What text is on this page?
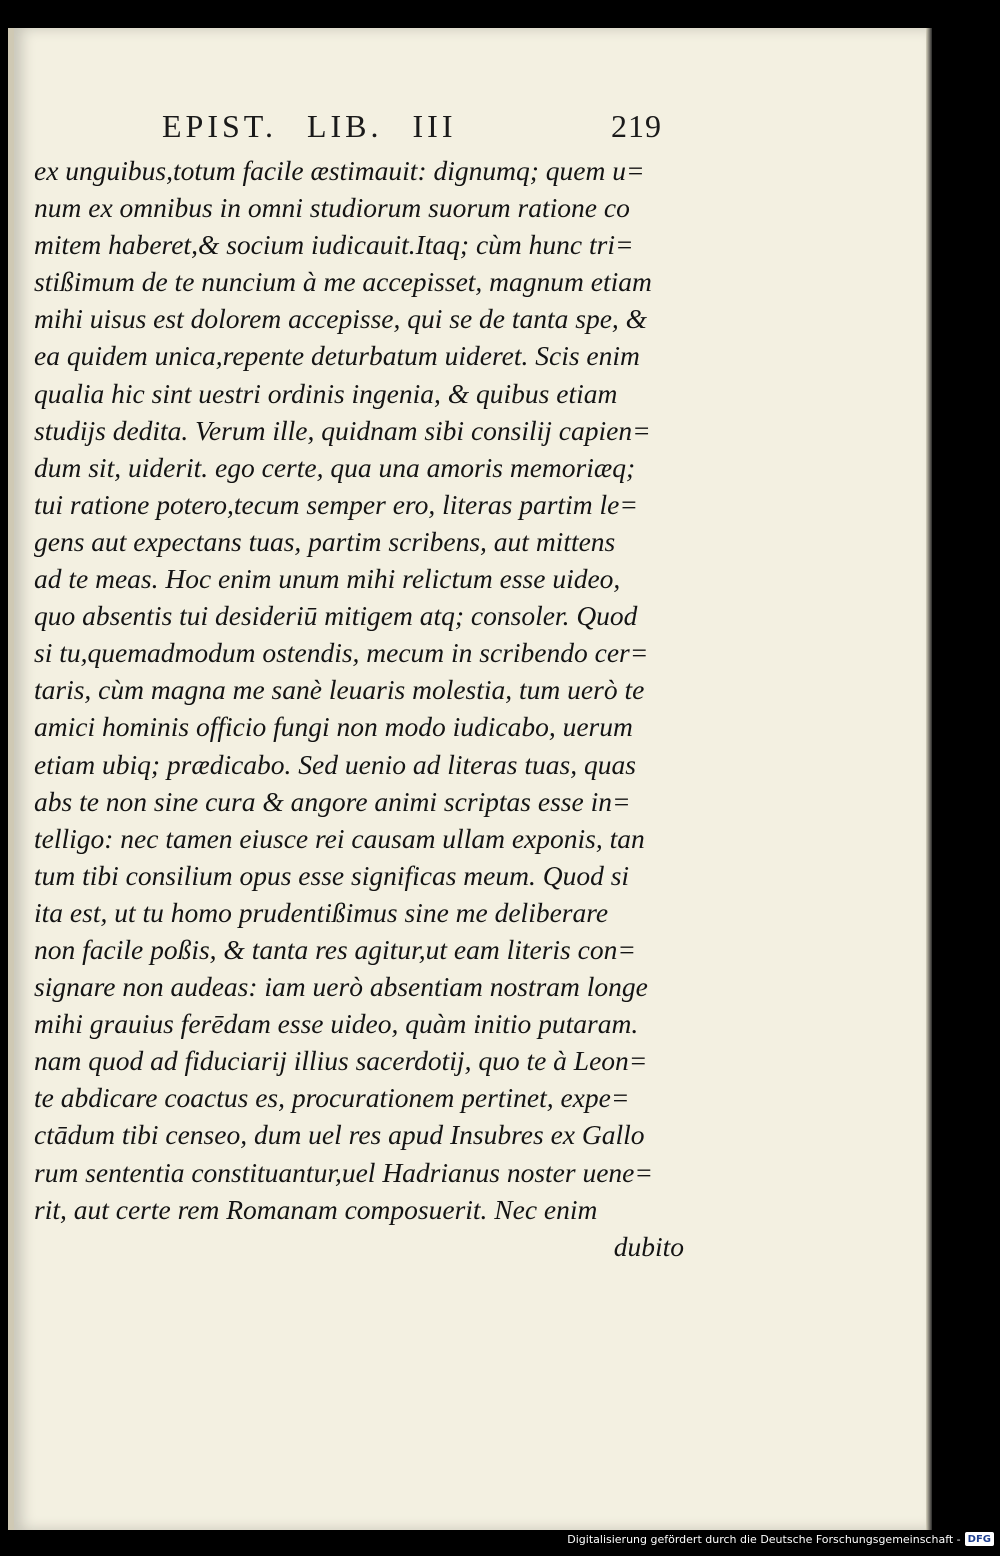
EPIST. LIB. III	219
ex unguibus,totum facile æstimauit: dignumq; quem u=
num ex omnibus in omni studiorum suorum ratione co
mitem haberet,& socium iudicauit.Itaq; cùm hunc tri=
stißimum de te nuncium à me accepisset, magnum etiam
mihi uisus est dolorem accepisse, qui se de tanta spe, &
ea quidem unica,repente deturbatum uideret. Scis enim
qualia hic sint uestri ordinis ingenia, & quibus etiam
studijs dedita. Verum ille, quidnam sibi consilij capien=
dum sit, uiderit. ego certe, qua una amoris memoriæq;
tui ratione potero,tecum semper ero, literas partim le=
gens aut expectans tuas, partim scribens, aut mittens
ad te meas. Hoc enim unum mihi relictum esse uideo,
quo absentis tui desideriū mitigem atq; consoler. Quod
si tu,quemadmodum ostendis, mecum in scribendo cer=
taris, cùm magna me sanè leuaris molestia, tum uerò te
amici hominis officio fungi non modo iudicabo, uerum
etiam ubiq; prædicabo. Sed uenio ad literas tuas, quas
abs te non sine cura & angore animi scriptas esse in=
telligo: nec tamen eiusce rei causam ullam exponis, tan
tum tibi consilium opus esse significas meum. Quod si
ita est, ut tu homo prudentißimus sine me deliberare
non facile poßis, & tanta res agitur,ut eam literis con=
signare non audeas: iam uerò absentiam nostram longe
mihi grauius ferēdam esse uideo, quàm initio putaram.
nam quod ad fiduciarij illius sacerdotij, quo te à Leon=
te abdicare coactus es, procurationem pertinet, expe=
ctādum tibi censeo, dum uel res apud Insubres ex Gallo
rum sententia constituantur,uel Hadrianus noster uene=
rit, aut certe rem Romanam composuerit. Nec enim
dubito
Digitalisierung gefördert durch die Deutsche Forschungsgemeinschaft - DFG
